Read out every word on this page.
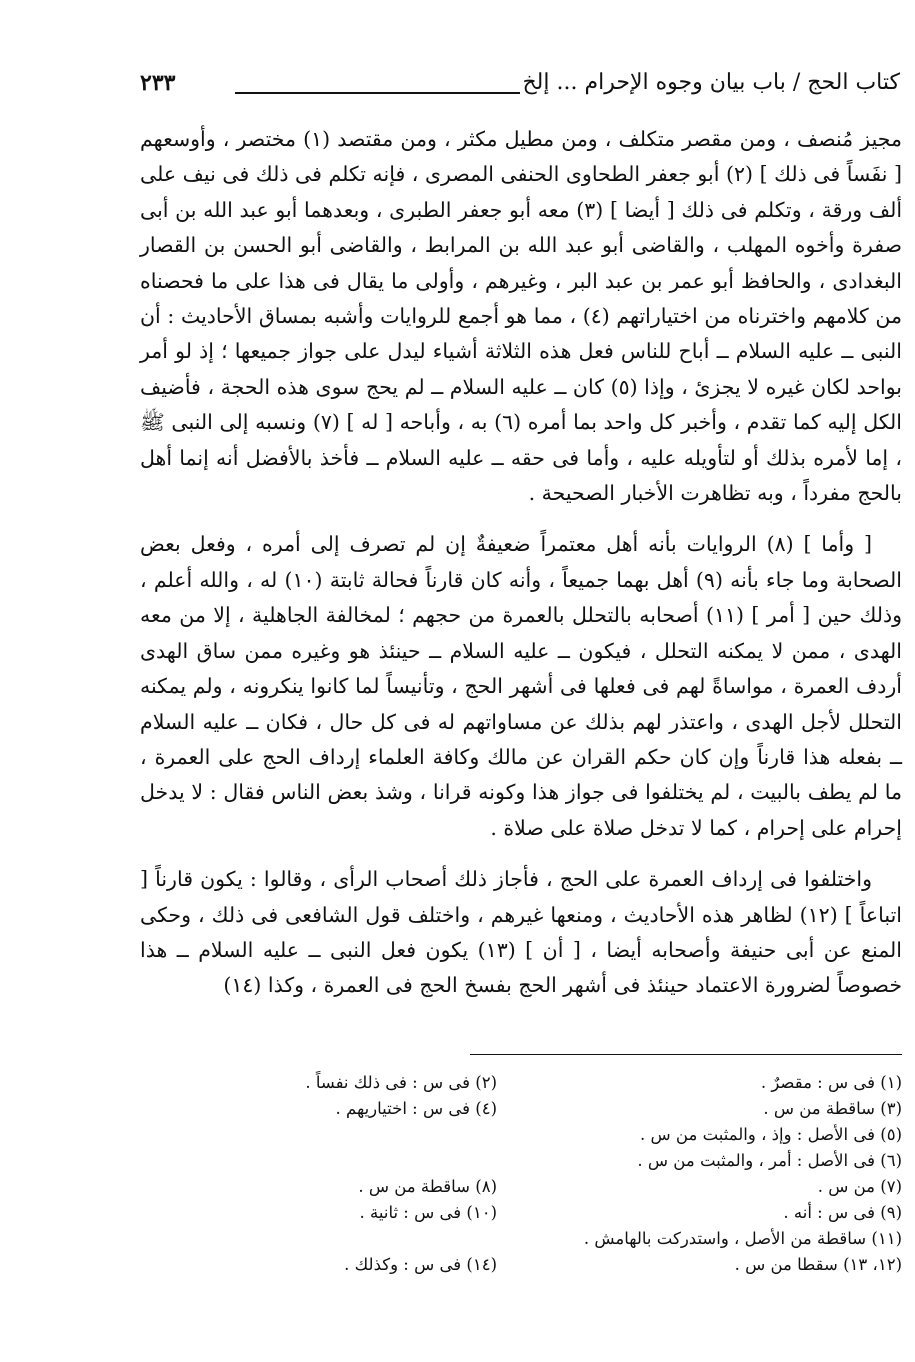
كتاب الحج / باب بيان وجوه الإحرام ... إلخ
٢٣٣

مجيز مُنصف ، ومن مقصر متكلف ، ومن مطيل مكثر ، ومن مقتصد (١) مختصر ، وأوسعهم [ نفَساً فى ذلك ] (٢) أبو جعفر الطحاوى الحنفى المصرى ، فإنه تكلم فى ذلك فى نيف على ألف ورقة ، وتكلم فى ذلك [ أيضا ] (٣) معه أبو جعفر الطبرى ، وبعدهما أبو عبد الله بن أبى صفرة وأخوه المهلب ، والقاضى أبو عبد الله بن المرابط ، والقاضى أبو الحسن بن القصار البغدادى ، والحافظ أبو عمر بن عبد البر ، وغيرهم ، وأولى ما يقال فى هذا على ما فحصناه من كلامهم واخترناه من اختياراتهم (٤) ، مما هو أجمع للروايات وأشبه بمساق الأحاديث : أن النبى ــ عليه السلام ــ أباح للناس فعل هذه الثلاثة أشياء ليدل على جواز جميعها ؛ إذ لو أمر بواحد لكان غيره لا يجزئ ، وإذا (٥) كان ــ عليه السلام ــ لم يحج سوى هذه الحجة ، فأضيف الكل إليه كما تقدم ، وأخبر كل واحد بما أمره (٦) به ، وأباحه [ له ] (٧) ونسبه إلى النبى ﷺ ، إما لأمره بذلك أو لتأويله عليه ، وأما فى حقه ــ عليه السلام ــ فأخذ بالأفضل أنه إنما أهل بالحج مفرداً ، وبه تظاهرت الأخبار الصحيحة .

[ وأما ] (٨) الروايات بأنه أهل معتمراً ضعيفةٌ إن لم تصرف إلى أمره ، وفعل بعض الصحابة وما جاء بأنه (٩) أهل بهما جميعاً ، وأنه كان قارناً فحالة ثابتة (١٠) له ، والله أعلم ، وذلك حين [ أمر ] (١١) أصحابه بالتحلل بالعمرة من حجهم ؛ لمخالفة الجاهلية ، إلا من معه الهدى ، ممن لا يمكنه التحلل ، فيكون ــ عليه السلام ــ حينئذ هو وغيره ممن ساق الهدى أردف العمرة ، مواساةً لهم فى فعلها فى أشهر الحج ، وتأنيساً لما كانوا ينكرونه ، ولم يمكنه التحلل لأجل الهدى ، واعتذر لهم بذلك عن مساواتهم له فى كل حال ، فكان ــ عليه السلام ــ بفعله هذا قارناً وإن كان حكم القران عن مالك وكافة العلماء إرداف الحج على العمرة ، ما لم يطف بالبيت ، لم يختلفوا فى جواز هذا وكونه قرانا ، وشذ بعض الناس فقال : لا يدخل إحرام على إحرام ، كما لا تدخل صلاة على صلاة .

واختلفوا فى إرداف العمرة على الحج ، فأجاز ذلك أصحاب الرأى ، وقالوا : يكون قارناً [ اتباعاً ] (١٢) لظاهر هذه الأحاديث ، ومنعها غيرهم ، واختلف قول الشافعى فى ذلك ، وحكى المنع عن أبى حنيفة وأصحابه أيضا ، [ أن ] (١٣) يكون فعل النبى ــ عليه السلام ــ هذا خصوصاً لضرورة الاعتماد حينئذ فى أشهر الحج بفسخ الحج فى العمرة ، وكذا (١٤)

(١) فى س : مقصرٌ .
(٢) فى س : فى ذلك نفساً .
(٣) ساقطة من س .
(٤) فى س : اختياريهم .
(٥) فى الأصل : وإذ ، والمثبت من س .
(٦) فى الأصل : أمر ، والمثبت من س .
(٧) من س .
(٨) ساقطة من س .
(٩) فى س : أنه .
(١٠) فى س : ثانية .
(١١) ساقطة من الأصل ، واستدركت بالهامش .
(١٢، ١٣) سقطا من س .
(١٤) فى س : وكذلك .
